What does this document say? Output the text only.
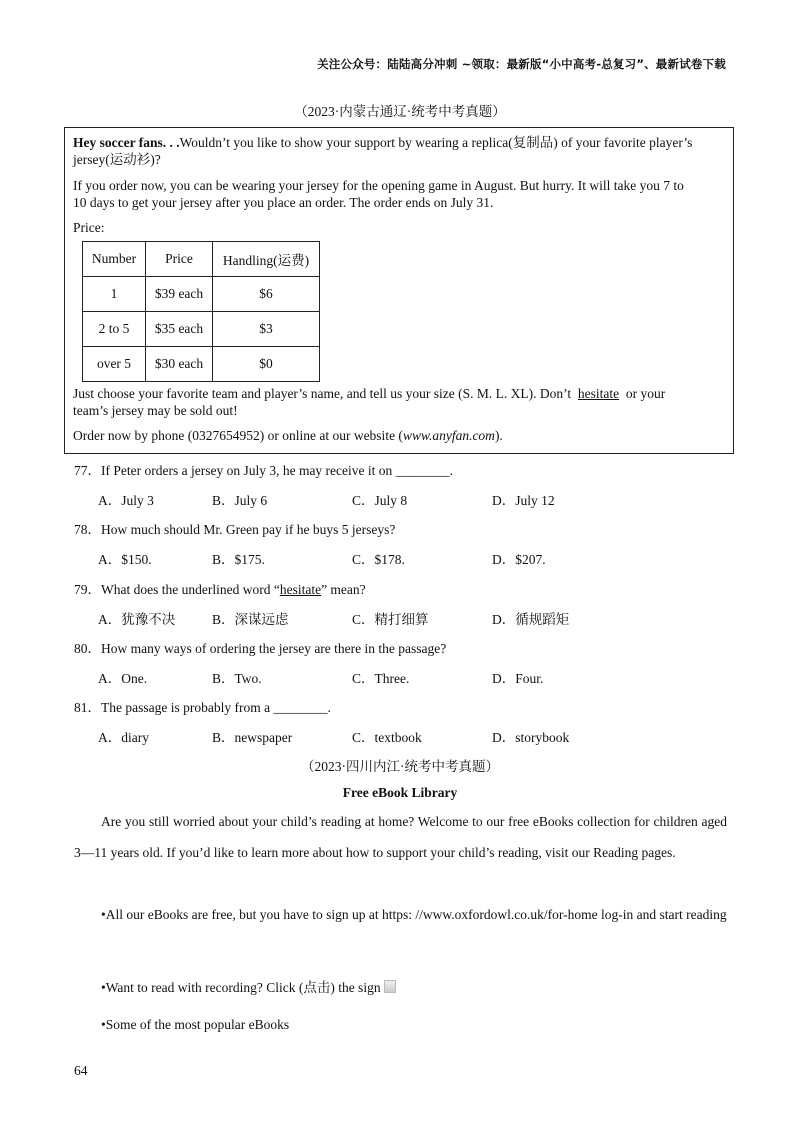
关注公众号：陆陆高分冲刺 ~领取：最新版“小中高考-总复习”、最新试卷下载
（2023·内蒙古通辽·统考中考真题）

Hey soccer fans. . .Wouldn’t you like to show your support by wearing a replica(复制品) of your favorite player’s

jersey(运动衫)?

If you order now, you can be wearing your jersey for the opening game in August. But hurry. It will take you 7 to

10 days to get your jersey after you place an order. The order ends on July 31.

Price:

Number	Price	Handling(运费)
1	$39 each	$6
2 to 5	$35 each	$3
over 5	$30 each	$0

Just choose your favorite team and player’s name, and tell us your size (S. M. L. XL). Don’t hesitate or your

team’s jersey may be sold out!

Order now by phone (0327654952) or online at our website (www.anyfan.com).

77．If Peter orders a jersey on July 3, he may receive it on ________.
A．July 3	B．July 6	C．July 8	D．July 12
78．How much should Mr. Green pay if he buys 5 jerseys?
A．$150.	B．$175.	C．$178.	D．$207.
79．What does the underlined word “hesitate” mean?
A．犹豫不决	B．深谋远虑	C．精打细算	D．循规蹈矩
80．How many ways of ordering the jersey are there in the passage?
A．One.	B．Two.	C．Three.	D．Four.
81．The passage is probably from a ________.
A．diary	B．newspaper	C．textbook	D．storybook
（2023·四川内江·统考中考真题）
Free eBook Library
Are you still worried about your child’s reading at home? Welcome to our free eBooks collection for children aged 3—11 years old. If you’d like to learn more about how to support your child’s reading, visit our Reading pages.
•All our eBooks are free, but you have to sign up at https: //www.oxfordowl.co.uk/for-home log-in and start reading
•Want to read with recording? Click (点击) the sign
•Some of the most popular eBooks
64
